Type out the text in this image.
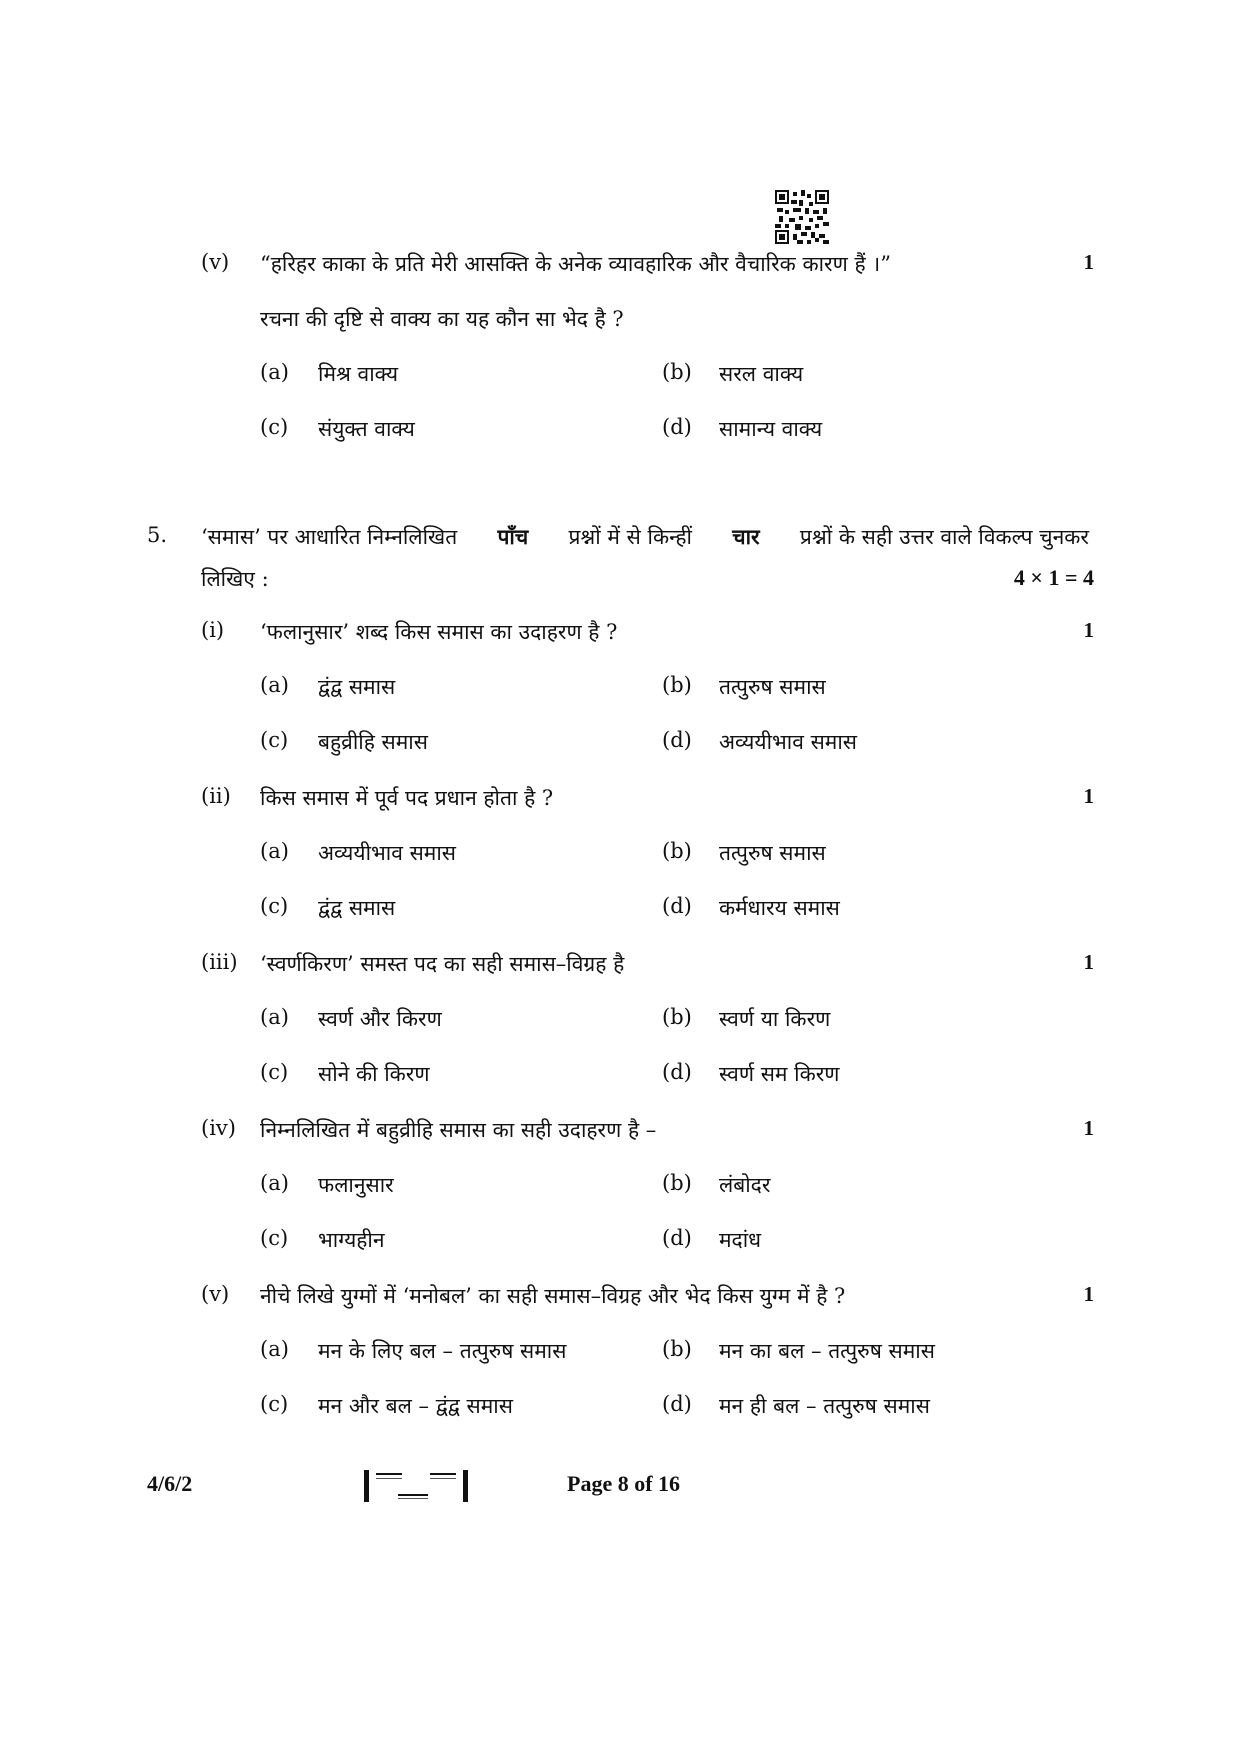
(v) “हरिहर काका के प्रति मेरी आसक्ति के अनेक व्यावहारिक और वैचारिक कारण हैं ।”	1
रचना की दृष्टि से वाक्य का यह कौन सा भेद है ?
(a) मिश्र वाक्य	(b) सरल वाक्य
(c) संयुक्त वाक्य	(d) सामान्य वाक्य
5. ‘समास’ पर आधारित निम्नलिखित पाँच प्रश्नों में से किन्हीं चार प्रश्नों के सही उत्तर वाले विकल्प चुनकर
लिखिए :	4 × 1 = 4
(i) ‘फलानुसार’ शब्द किस समास का उदाहरण है ?	1
(a) द्वंद्व समास	(b) तत्पुरुष समास
(c) बहुव्रीहि समास	(d) अव्ययीभाव समास
(ii) किस समास में पूर्व पद प्रधान होता है ?	1
(a) अव्ययीभाव समास	(b) तत्पुरुष समास
(c) द्वंद्व समास	(d) कर्मधारय समास
(iii) ‘स्वर्णकिरण’ समस्त पद का सही समास–विग्रह है	1
(a) स्वर्ण और किरण	(b) स्वर्ण या किरण
(c) सोने की किरण	(d) स्वर्ण सम किरण
(iv) निम्नलिखित में बहुव्रीहि समास का सही उदाहरण है –	1
(a) फलानुसार	(b) लंबोदर
(c) भाग्यहीन	(d) मदांध
(v) नीचे लिखे युग्मों में ‘मनोबल’ का सही समास–विग्रह और भेद किस युग्म में है ?	1
(a) मन के लिए बल – तत्पुरुष समास	(b) मन का बल – तत्पुरुष समास
(c) मन और बल – द्वंद्व समास	(d) मन ही बल – तत्पुरुष समास
4/6/2	Page 8 of 16
